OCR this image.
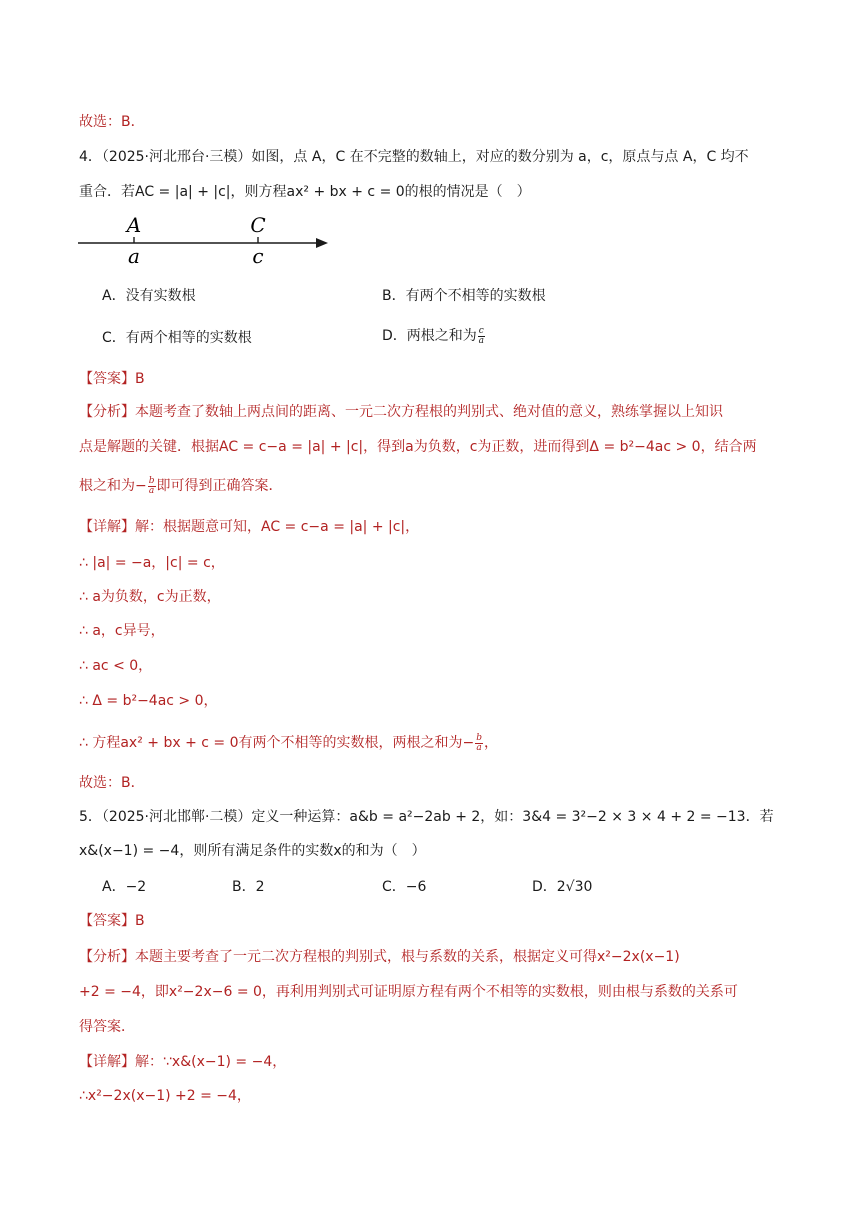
故选：B．
4．（2025·河北邢台·三模）如图，点 A，C 在不完整的数轴上，对应的数分别为 a，c，原点与点 A，C 均不
重合．若AC = |a| + |c|，则方程ax² + bx + c = 0的根的情况是（　）
A
a
C
c
A．没有实数根	B．有两个不相等的实数根
C．有两个相等的实数根	D．两根之和为 $\frac{c}{a}$
【答案】B
【分析】本题考查了数轴上两点间的距离、一元二次方程根的判别式、绝对值的意义，熟练掌握以上知识
点是解题的关键．根据AC = c−a = |a| + |c|，得到a为负数，c为正数，进而得到Δ = b²−4ac > 0，结合两
根之和为− $\frac{b}{a}$ 即可得到正确答案．
【详解】解：根据题意可知，AC = c−a = |a| + |c|，
∴ |a| = −a，|c| = c，
∴ a为负数，c为正数，
∴ a，c异号，
∴ ac < 0，
∴ Δ = b²−4ac > 0，
∴ 方程ax² + bx + c = 0有两个不相等的实数根，两根之和为− $\frac{b}{a}$ ，
故选：B．
5．（2025·河北邯郸·二模）定义一种运算：a&b = a²−2ab + 2，如：3&4 = 3²−2 × 3 × 4 + 2 = −13．若
x&(x−1) = −4，则所有满足条件的实数x的和为（　）
A．−2	B．2	C．−6	D．2√30
【答案】B
【分析】本题主要考查了一元二次方程根的判别式，根与系数的关系，根据定义可得x²−2x(x−1)
+2 = −4，即x²−2x−6 = 0，再利用判别式可证明原方程有两个不相等的实数根，则由根与系数的关系可
得答案．
【详解】解：∵x&(x−1) = −4，
∴x²−2x(x−1) +2 = −4，
